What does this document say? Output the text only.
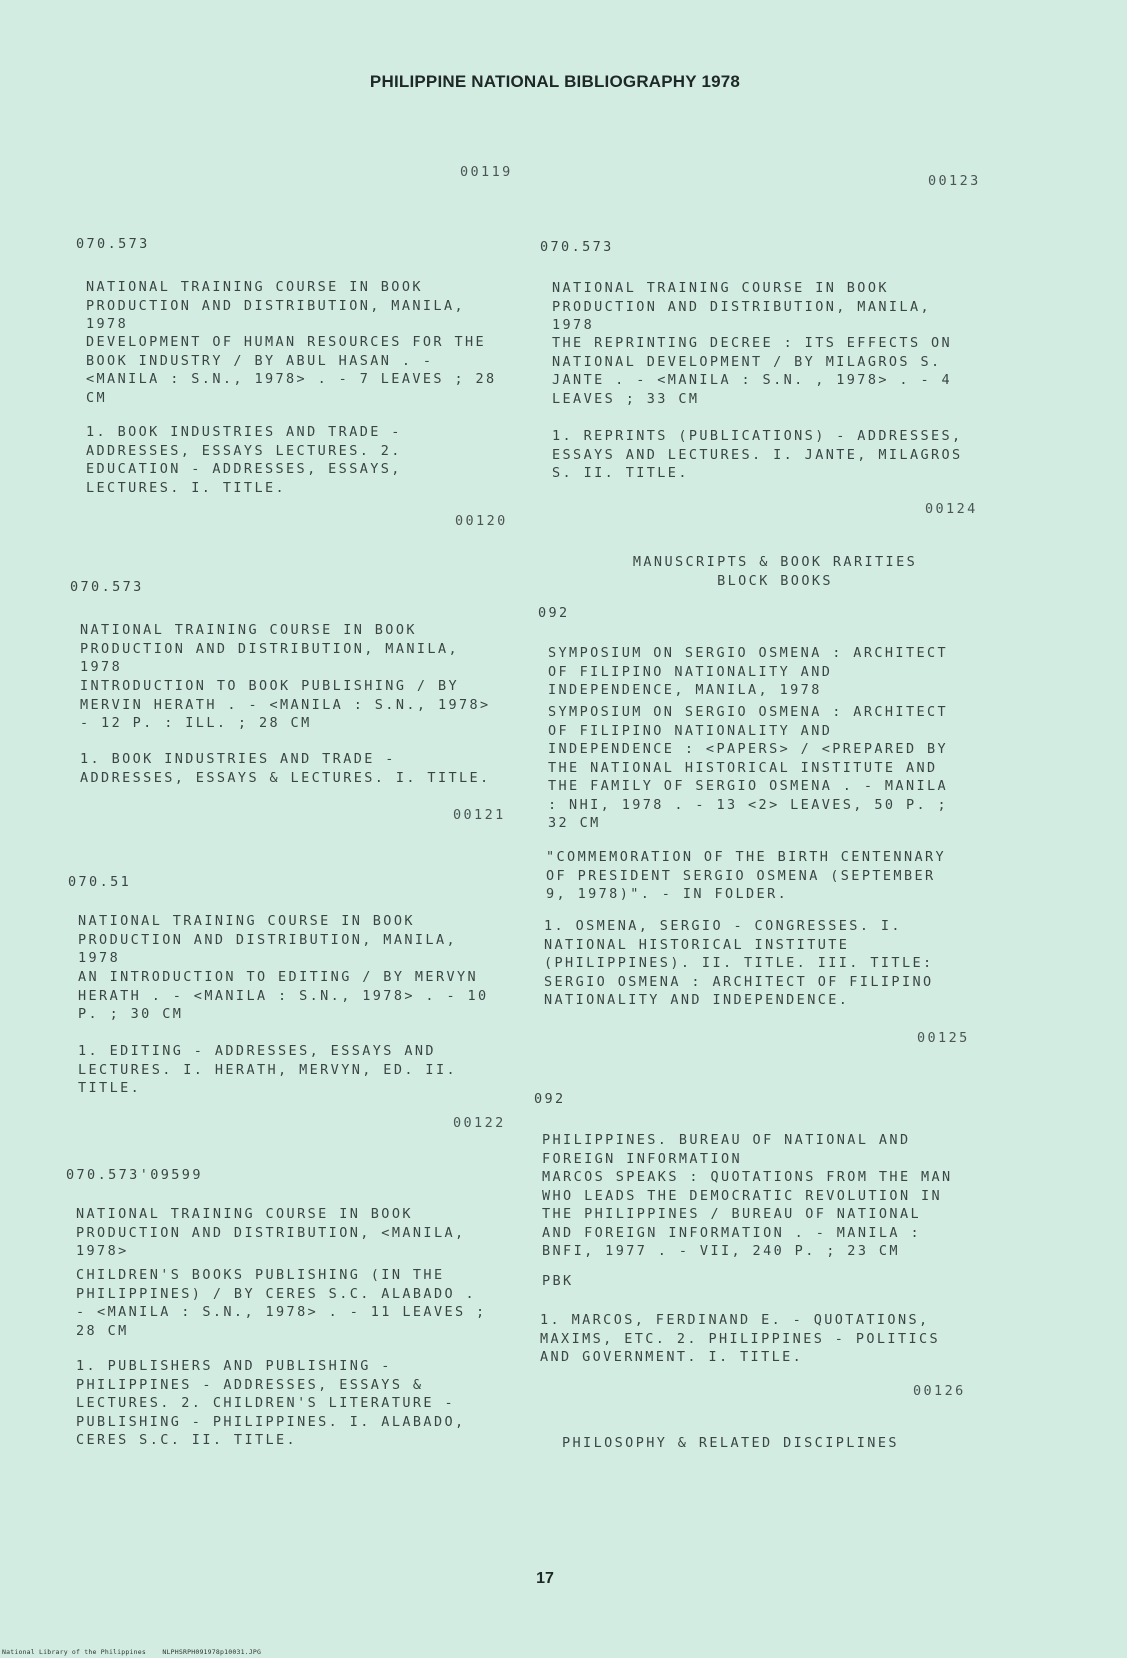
PHILIPPINE NATIONAL BIBLIOGRAPHY 1978
00119
070.573
NATIONAL TRAINING COURSE IN BOOK
PRODUCTION AND DISTRIBUTION, MANILA,
1978
DEVELOPMENT OF HUMAN RESOURCES FOR THE
BOOK INDUSTRY / BY ABUL HASAN . -
<MANILA : S.N., 1978> . - 7 LEAVES ; 28
CM
1. BOOK INDUSTRIES AND TRADE -
ADDRESSES, ESSAYS LECTURES. 2.
EDUCATION - ADDRESSES, ESSAYS,
LECTURES. I. TITLE.
00120
070.573
NATIONAL TRAINING COURSE IN BOOK
PRODUCTION AND DISTRIBUTION, MANILA,
1978
INTRODUCTION TO BOOK PUBLISHING / BY
MERVIN HERATH . - <MANILA : S.N., 1978>
- 12 P. : ILL. ; 28 CM
1. BOOK INDUSTRIES AND TRADE -
ADDRESSES, ESSAYS & LECTURES. I. TITLE.
00121
070.51
NATIONAL TRAINING COURSE IN BOOK
PRODUCTION AND DISTRIBUTION, MANILA,
1978
AN INTRODUCTION TO EDITING / BY MERVYN
HERATH . - <MANILA : S.N., 1978> . - 10
P. ; 30 CM
1. EDITING - ADDRESSES, ESSAYS AND
LECTURES. I. HERATH, MERVYN, ED. II.
TITLE.
00122
070.573'09599
NATIONAL TRAINING COURSE IN BOOK
PRODUCTION AND DISTRIBUTION, <MANILA,
1978>
CHILDREN'S BOOKS PUBLISHING (IN THE
PHILIPPINES) / BY CERES S.C. ALABADO .
- <MANILA : S.N., 1978> . - 11 LEAVES ;
28 CM
1. PUBLISHERS AND PUBLISHING -
PHILIPPINES - ADDRESSES, ESSAYS &
LECTURES. 2. CHILDREN'S LITERATURE -
PUBLISHING - PHILIPPINES. I. ALABADO,
CERES S.C. II. TITLE.
00123
070.573
NATIONAL TRAINING COURSE IN BOOK
PRODUCTION AND DISTRIBUTION, MANILA,
1978
THE REPRINTING DECREE : ITS EFFECTS ON
NATIONAL DEVELOPMENT / BY MILAGROS S.
JANTE . - <MANILA : S.N. , 1978> . - 4
LEAVES ; 33 CM
1. REPRINTS (PUBLICATIONS) - ADDRESSES,
ESSAYS AND LECTURES. I. JANTE, MILAGROS
S. II. TITLE.
00124
MANUSCRIPTS & BOOK RARITIES
BLOCK BOOKS
092
SYMPOSIUM ON SERGIO OSMENA : ARCHITECT
OF FILIPINO NATIONALITY AND
INDEPENDENCE, MANILA, 1978
SYMPOSIUM ON SERGIO OSMENA : ARCHITECT
OF FILIPINO NATIONALITY AND
INDEPENDENCE : <PAPERS> / <PREPARED BY
THE NATIONAL HISTORICAL INSTITUTE AND
THE FAMILY OF SERGIO OSMENA . - MANILA
: NHI, 1978 . - 13 <2> LEAVES, 50 P. ;
32 CM
"COMMEMORATION OF THE BIRTH CENTENNARY
OF PRESIDENT SERGIO OSMENA (SEPTEMBER
9, 1978)". - IN FOLDER.
1. OSMENA, SERGIO - CONGRESSES. I.
NATIONAL HISTORICAL INSTITUTE
(PHILIPPINES). II. TITLE. III. TITLE:
SERGIO OSMENA : ARCHITECT OF FILIPINO
NATIONALITY AND INDEPENDENCE.
00125
092
PHILIPPINES. BUREAU OF NATIONAL AND
FOREIGN INFORMATION
MARCOS SPEAKS : QUOTATIONS FROM THE MAN
WHO LEADS THE DEMOCRATIC REVOLUTION IN
THE PHILIPPINES / BUREAU OF NATIONAL
AND FOREIGN INFORMATION . - MANILA :
BNFI, 1977 . - VII, 240 P. ; 23 CM
PBK
1. MARCOS, FERDINAND E. - QUOTATIONS,
MAXIMS, ETC. 2. PHILIPPINES - POLITICS
AND GOVERNMENT. I. TITLE.
00126
PHILOSOPHY & RELATED DISCIPLINES
17
National Library of the Philippines    NLPHSRPH091978p10031.JPG
